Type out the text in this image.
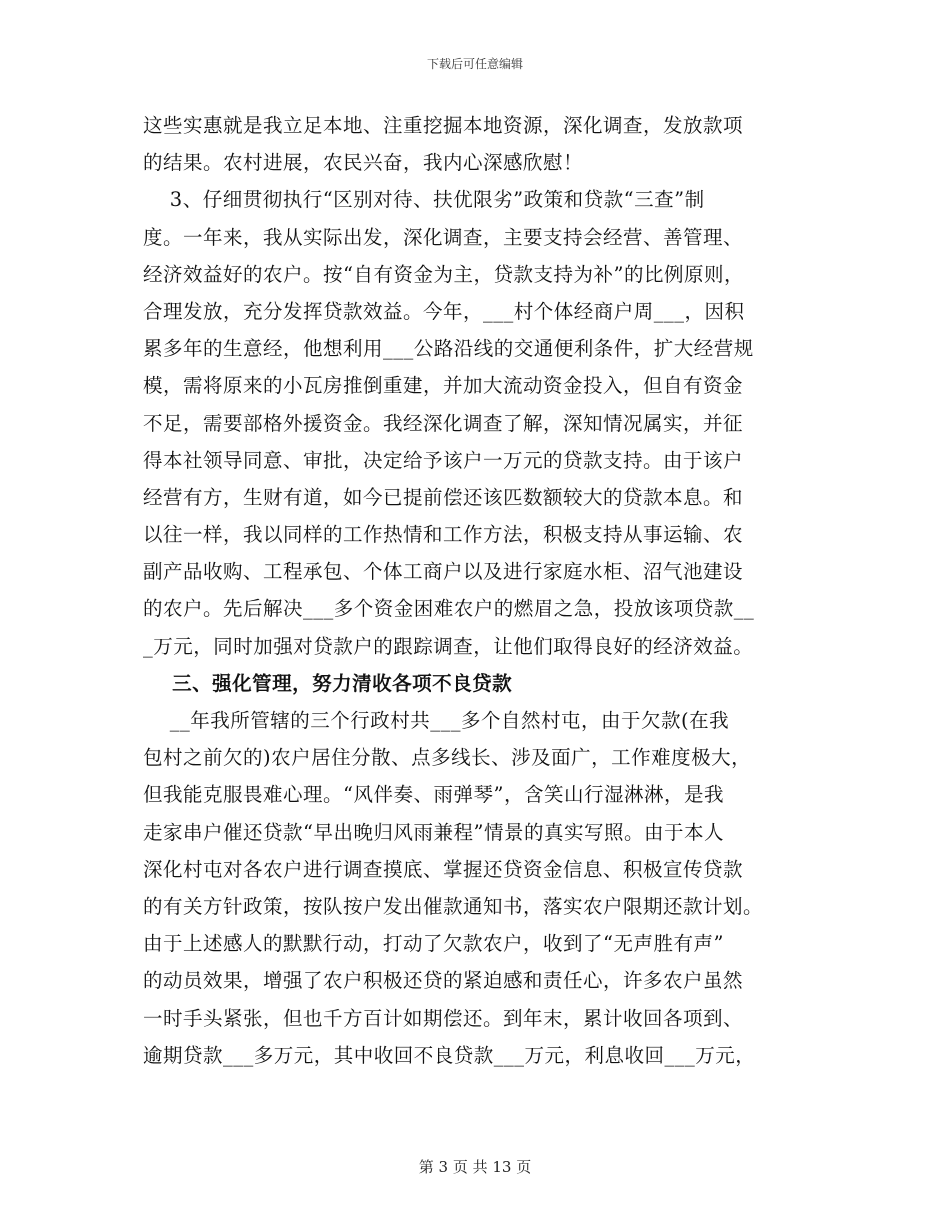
下载后可任意编辑
这些实惠就是我立足本地、注重挖掘本地资源，深化调查，发放款项
的结果。农村进展，农民兴奋，我内心深感欣慰！
3、仔细贯彻执行“区别对待、扶优限劣”政策和贷款“三查”制
度。一年来，我从实际出发，深化调查，主要支持会经营、善管理、
经济效益好的农户。按“自有资金为主，贷款支持为补”的比例原则，
合理发放，充分发挥贷款效益。今年，___村个体经商户周___，因积
累多年的生意经，他想利用___公路沿线的交通便利条件，扩大经营规
模，需将原来的小瓦房推倒重建，并加大流动资金投入，但自有资金
不足，需要部格外援资金。我经深化调查了解，深知情况属实，并征
得本社领导同意、审批，决定给予该户一万元的贷款支持。由于该户
经营有方，生财有道，如今已提前偿还该匹数额较大的贷款本息。和
以往一样，我以同样的工作热情和工作方法，积极支持从事运输、农
副产品收购、工程承包、个体工商户以及进行家庭水柜、沼气池建设
的农户。先后解决___多个资金困难农户的燃眉之急，投放该项贷款__
_万元，同时加强对贷款户的跟踪调查，让他们取得良好的经济效益。
三、强化管理，努力清收各项不良贷款
__年我所管辖的三个行政村共___多个自然村屯，由于欠款(在我
包村之前欠的)农户居住分散、点多线长、涉及面广，工作难度极大，
但我能克服畏难心理。“风伴奏、雨弹琴”，含笑山行湿淋淋，是我
走家串户催还贷款“早出晚归风雨兼程”情景的真实写照。由于本人
深化村屯对各农户进行调查摸底、掌握还贷资金信息、积极宣传贷款
的有关方针政策，按队按户发出催款通知书，落实农户限期还款计划。
由于上述感人的默默行动，打动了欠款农户，收到了“无声胜有声”
的动员效果，增强了农户积极还贷的紧迫感和责任心，许多农户虽然
一时手头紧张，但也千方百计如期偿还。到年末，累计收回各项到、
逾期贷款___多万元，其中收回不良贷款___万元，利息收回___万元，
第 3 页 共 13 页
